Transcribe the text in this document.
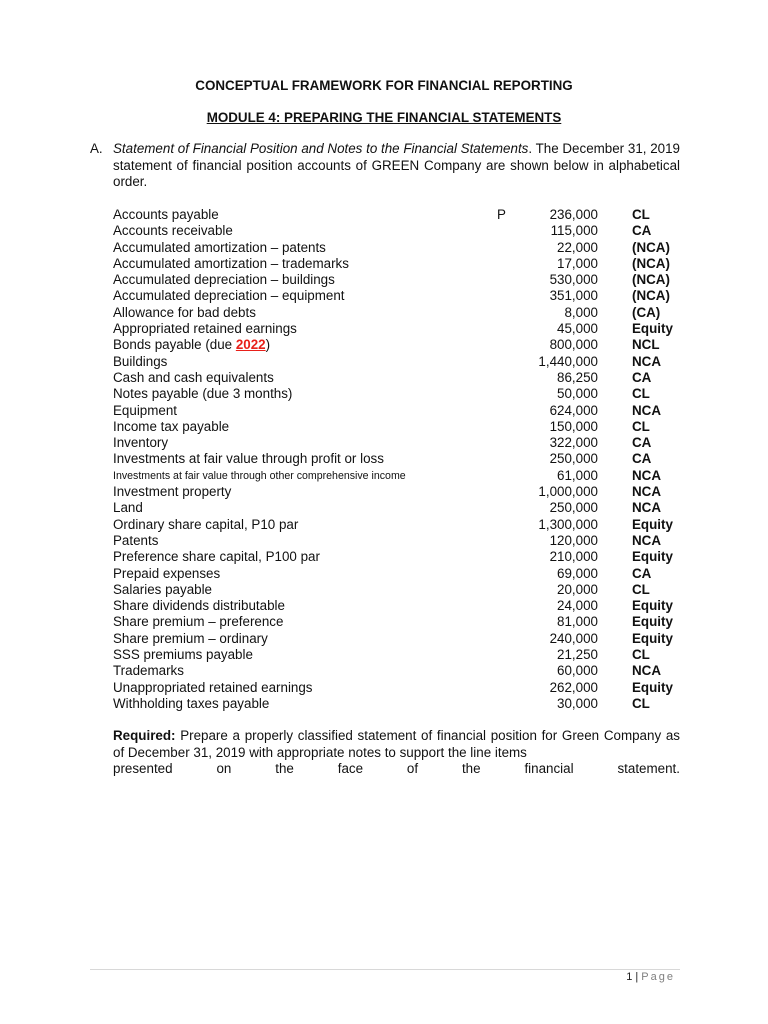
CONCEPTUAL FRAMEWORK FOR FINANCIAL REPORTING
MODULE 4: PREPARING THE FINANCIAL STATEMENTS

A. Statement of Financial Position and Notes to the Financial Statements. The December 31, 2019 statement of financial position accounts of GREEN Company are shown below in alphabetical order.

Accounts payable	P	236,000	CL
Accounts receivable	115,000	CA
Accumulated amortization – patents	22,000	(NCA)
Accumulated amortization – trademarks	17,000	(NCA)
Accumulated depreciation – buildings	530,000	(NCA)
Accumulated depreciation – equipment	351,000	(NCA)
Allowance for bad debts	8,000	(CA)
Appropriated retained earnings	45,000	Equity
Bonds payable (due 2022)	800,000	NCL
Buildings	1,440,000	NCA
Cash and cash equivalents	86,250	CA
Notes payable (due 3 months)	50,000	CL
Equipment	624,000	NCA
Income tax payable	150,000	CL
Inventory	322,000	CA
Investments at fair value through profit or loss	250,000	CA
Investments at fair value through other comprehensive income	61,000	NCA
Investment property	1,000,000	NCA
Land	250,000	NCA
Ordinary share capital, P10 par	1,300,000	Equity
Patents	120,000	NCA
Preference share capital, P100 par	210,000	Equity
Prepaid expenses	69,000	CA
Salaries payable	20,000	CL
Share dividends distributable	24,000	Equity
Share premium – preference	81,000	Equity
Share premium – ordinary	240,000	Equity
SSS premiums payable	21,250	CL
Trademarks	60,000	NCA
Unappropriated retained earnings	262,000	Equity
Withholding taxes payable	30,000	CL
Required: Prepare a properly classified statement of financial position for Green Company as of December 31, 2019 with appropriate notes to support the line items
presented	on	the	face	of	the	financial	statement.
1 | Page
